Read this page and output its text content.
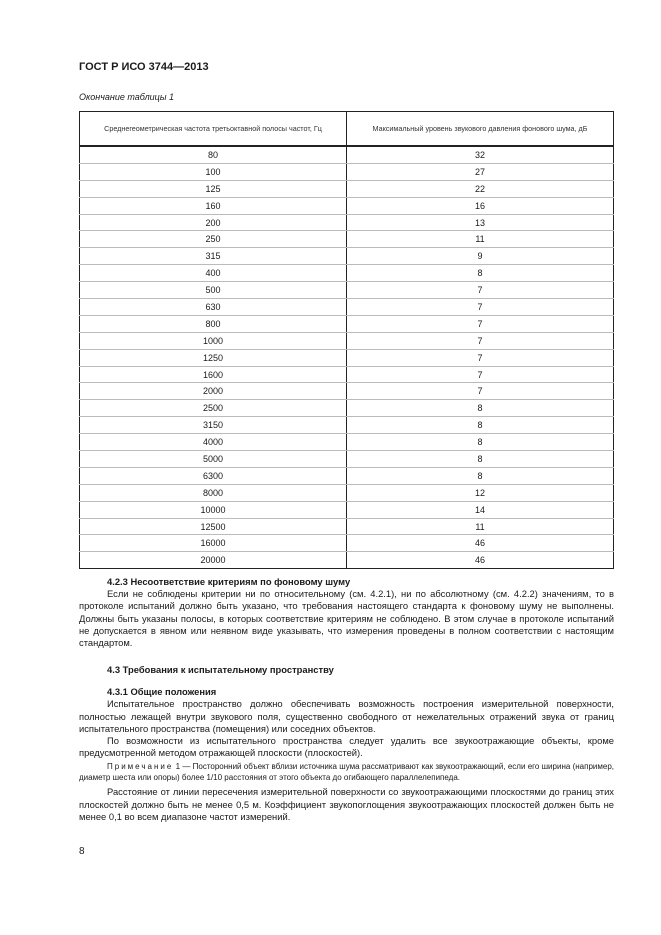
ГОСТ Р ИСО 3744—2013
Окончание таблицы 1
Среднегеометрическая частота третьоктавной полосы частот, Гц	Максимальный уровень звукового давления фонового шума, дБ
80	32
100	27
125	22
160	16
200	13
250	11
315	9
400	8
500	7
630	7
800	7
1000	7
1250	7
1600	7
2000	7
2500	8
3150	8
4000	8
5000	8
6300	8
8000	12
10000	14
12500	11
16000	46
20000	46

4.2.3 Несоответствие критериям по фоновому шуму

Если не соблюдены критерии ни по относительному (см. 4.2.1), ни по абсолютному (см. 4.2.2) значениям, то в протоколе испытаний должно быть указано, что требования настоящего стандарта к фоновому шуму не выполнены. Должны быть указаны полосы, в которых соответствие критериям не соблюдено. В этом случае в протоколе испытаний не допускается в явном или неявном виде указывать, что измерения проведены в полном соответствии с настоящим стандартом.

4.3 Требования к испытательному пространству

4.3.1 Общие положения

Испытательное пространство должно обеспечивать возможность построения измерительной поверхности, полностью лежащей внутри звукового поля, существенно свободного от нежелательных отражений звука от границ испытательного пространства (помещения) или соседних объектов.

По возможности из испытательного пространства следует удалить все звукоотражающие объекты, кроме предусмотренной методом отражающей плоскости (плоскостей).

Примечание 1 — Посторонний объект вблизи источника шума рассматривают как звукоотражающий, если его ширина (например, диаметр шеста или опоры) более 1/10 расстояния от этого объекта до огибающего параллелепипеда.

Расстояние от линии пересечения измерительной поверхности со звукоотражающими плоскостями до границ этих плоскостей должно быть не менее 0,5 м. Коэффициент звукопоглощения звукоотражающих плоскостей должен быть не менее 0,1 во всем диапазоне частот измерений.

8
